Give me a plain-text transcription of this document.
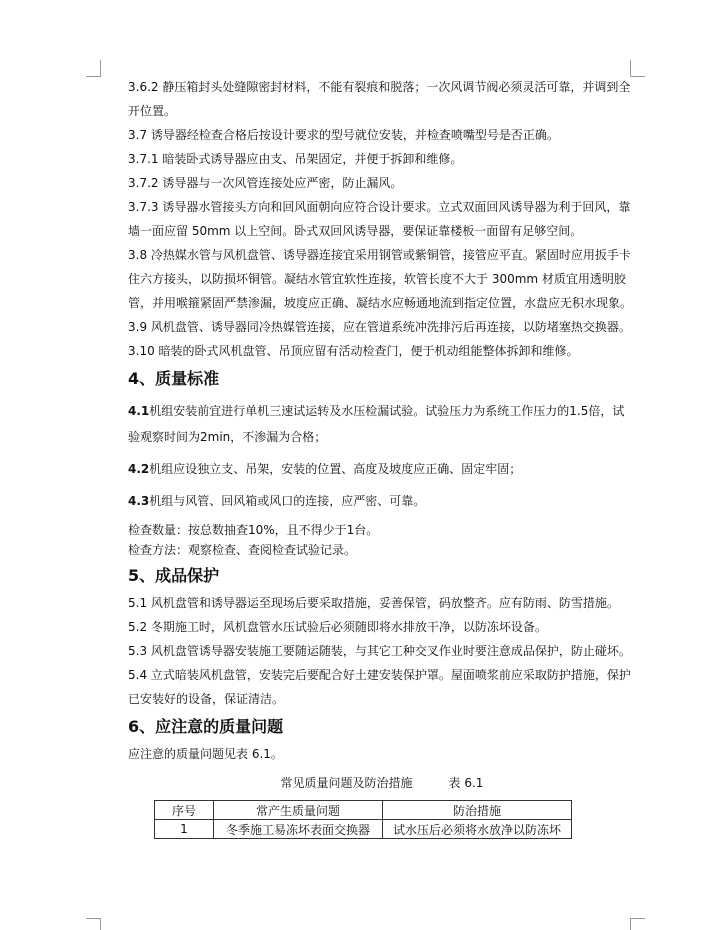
3.6.2 静压箱封头处缝隙密封材料，不能有裂痕和脱落；一次风调节阀必须灵活可靠，并调到全开位置。

3.7 诱导器经检查合格后按设计要求的型号就位安装，并检查喷嘴型号是否正确。

3.7.1 暗装卧式诱导器应由支、吊架固定，并便于拆卸和维修。

3.7.2 诱导器与一次风管连接处应严密，防止漏风。

3.7.3 诱导器水管接头方向和回风面朝向应符合设计要求。立式双面回风诱导器为利于回风，靠墙一面应留 50mm 以上空间。卧式双回风诱导器，要保证靠楼板一面留有足够空间。

3.8 冷热媒水管与风机盘管、诱导器连接宜采用钢管或紫铜管，接管应平直。紧固时应用扳手卡住六方接头，以防损坏铜管。凝结水管宜软性连接，软管长度不大于 300mm 材质宜用透明胶管，并用喉箍紧固严禁渗漏，坡度应正确、凝结水应畅通地流到指定位置，水盘应无积水现象。

3.9 风机盘管、诱导器同冷热媒管连接，应在管道系统冲洗排污后再连接，以防堵塞热交换器。

3.10 暗装的卧式风机盘管、吊顶应留有活动检查门，便于机动组能整体拆卸和维修。

4、质量标准

4.1机组安装前宜进行单机三速试运转及水压检漏试验。试验压力为系统工作压力的1.5倍，试验观察时间为2min，不渗漏为合格；

4.2机组应设独立支、吊架，安装的位置、高度及坡度应正确、固定牢固；

4.3机组与风管、回风箱或风口的连接，应严密、可靠。

检查数量：按总数抽查10%，且不得少于1台。

检查方法：观察检查、查阅检查试验记录。

5、成品保护

5.1 风机盘管和诱导器运至现场后要采取措施，妥善保管，码放整齐。应有防雨、防雪措施。

5.2 冬期施工时，风机盘管水压试验后必须随即将水排放干净，以防冻坏设备。

5.3 风机盘管诱导器安装施工要随运随装，与其它工种交叉作业时要注意成品保护，防止碰坏。

5.4 立式暗装风机盘管，安装完后要配合好土建安装保护罩。屋面喷浆前应采取防护措施，保护已安装好的设备，保证清洁。

6、应注意的质量问题

应注意的质量问题见表 6.1。

常见质量问题及防治措施　　　表 6.1
序号	常产生质量问题	防治措施
1	冬季施工易冻坏表面交换器	试水压后必须将水放净以防冻坏
